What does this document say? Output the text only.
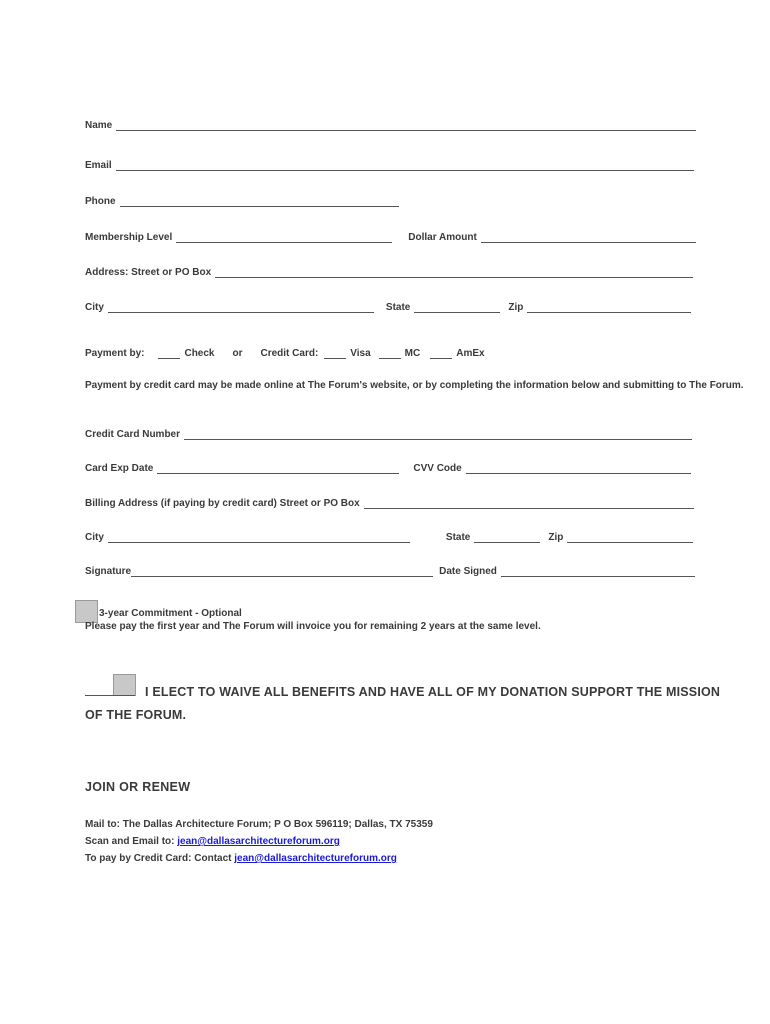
Name
Email
Phone
Membership Level	Dollar Amount
Address: Street or PO Box
City	State	Zip
Payment by:	Check or Credit Card:	Visa	MC	AmEx
Payment by credit card may be made online at The Forum's website, or by completing the information below and submitting to The Forum.
Credit Card Number
Card Exp Date	CVV Code
Billing Address (if paying by credit card) Street or PO Box
City	State	Zip
Signature	Date Signed
3-year Commitment - Optional
Please pay the first year and The Forum will invoice you for remaining 2 years at the same level.
I ELECT TO WAIVE ALL BENEFITS AND HAVE ALL OF MY DONATION SUPPORT THE MISSION OF THE FORUM.
JOIN OR RENEW
Mail to: The Dallas Architecture Forum; P O Box 596119; Dallas, TX 75359
Scan and Email to: jean@dallasarchitectureforum.org
To pay by Credit Card: Contact jean@dallasarchitectureforum.org
